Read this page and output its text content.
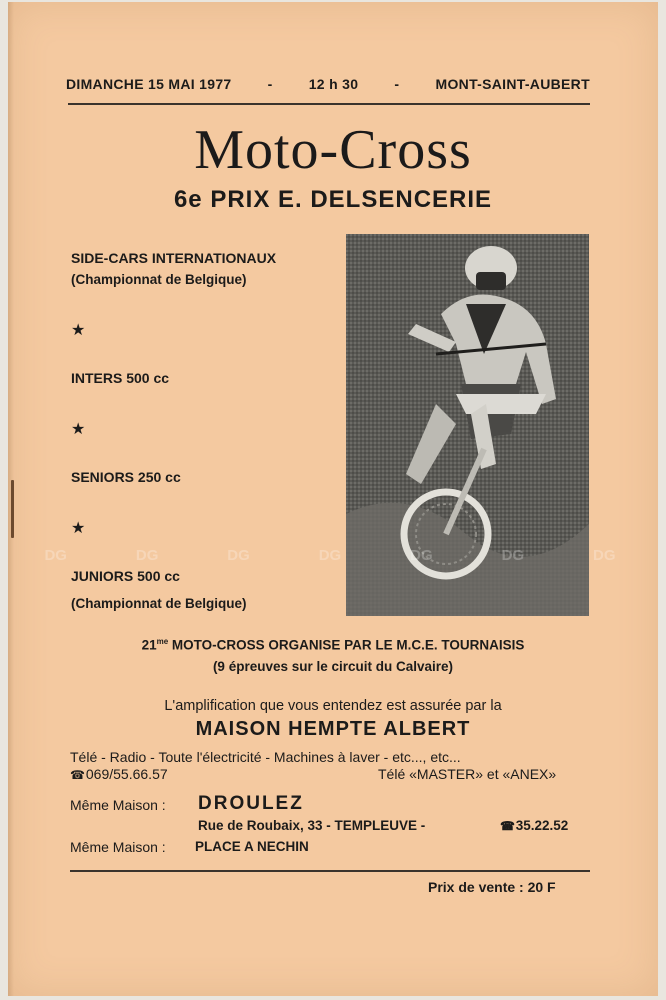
DIMANCHE 15 MAI 1977	-	12 h 30	-	MONT-SAINT-AUBERT
Moto-Cross
6e PRIX E. DELSENCERIE
SIDE-CARS INTERNATIONAUX
(Championnat de Belgique)
★
INTERS 500 cc
★
SENIORS 250 cc
★
JUNIORS 500 cc
(Championnat de Belgique)
DG	DG	DG	DG	DG	DG	DG
$21^{me}$ MOTO-CROSS ORGANISE PAR LE M.C.E. TOURNAISIS
(9 épreuves sur le circuit du Calvaire)
L'amplification que vous entendez est assurée par la
MAISON HEMPTE ALBERT
Télé - Radio - Toute l'électricité - Machines à laver - etc..., etc...
☎ 069/55.66.57	Télé «MASTER» et «ANEX»
Même Maison : DROULEZ
Rue de Roubaix, 33 - TEMPLEUVE -	☎ 35.22.52
Même Maison : PLACE A NECHIN
Prix de vente : 20 F
